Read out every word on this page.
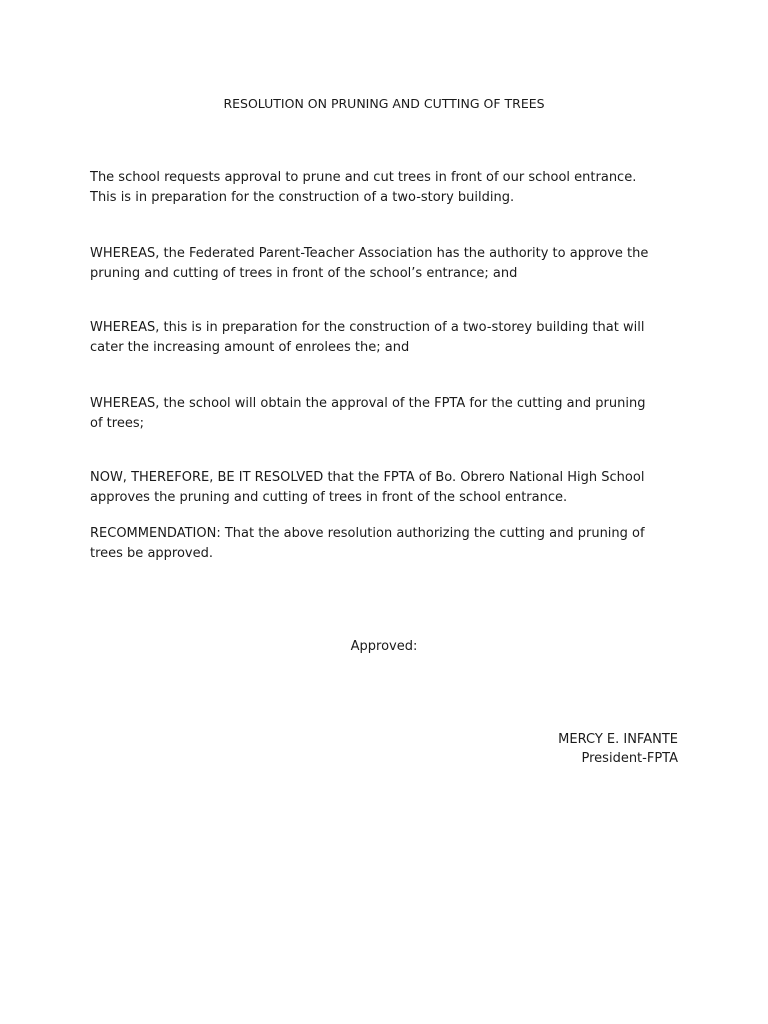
RESOLUTION ON PRUNING AND CUTTING OF TREES

The school requests approval to prune and cut trees in front of our school entrance.
This is in preparation for the construction of a two-story building.

WHEREAS, the Federated Parent-Teacher Association has the authority to approve the
pruning and cutting of trees in front of the school’s entrance; and

WHEREAS, this is in preparation for the construction of a two-storey building that will
cater the increasing amount of enrolees the; and

WHEREAS, the school will obtain the approval of the FPTA for the cutting and pruning
of trees;

NOW, THEREFORE, BE IT RESOLVED that the FPTA of Bo. Obrero National High School
approves the pruning and cutting of trees in front of the school entrance.

RECOMMENDATION: That the above resolution authorizing the cutting and pruning of
trees be approved.

Approved:
MERCY E. INFANTE
President-FPTA
